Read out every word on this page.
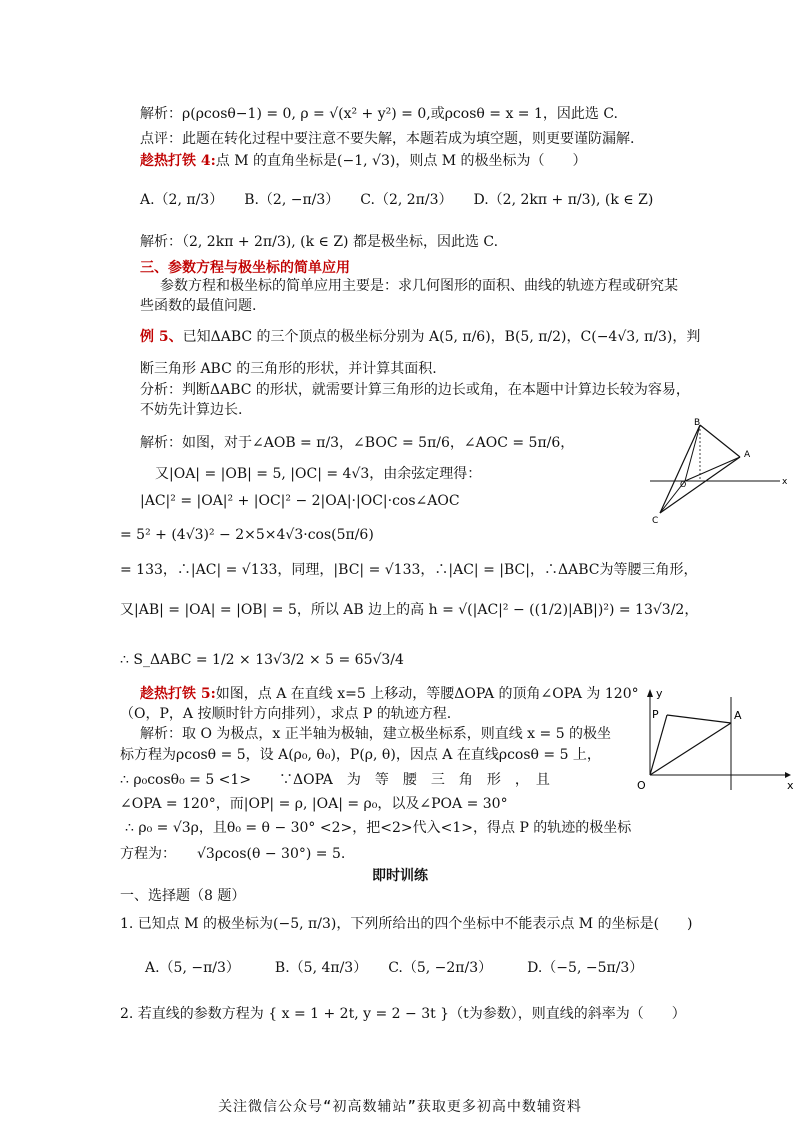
解析：ρ(ρcosθ−1) = 0, ρ = √(x² + y²) = 0,或ρcosθ = x = 1，因此选 C.
点评：此题在转化过程中要注意不要失解，本题若成为填空题，则更要谨防漏解.
趁热打铁 4:点 M 的直角坐标是(−1, √3)，则点 M 的极坐标为（　　）
A.（2, π/3）　　B.（2, −π/3）　　C.（2, 2π/3）　　D.（2, 2kπ + π/3), (k ∈ Z)
解析：（2, 2kπ + 2π/3), (k ∈ Z) 都是极坐标，因此选 C.
三、参数方程与极坐标的简单应用
参数方程和极坐标的简单应用主要是：求几何图形的面积、曲线的轨迹方程或研究某
些函数的最值问题.
例 5、已知ΔABC 的三个顶点的极坐标分别为 A(5, π/6)，B(5, π/2)，C(−4√3, π/3)，判
断三角形 ABC 的三角形的形状，并计算其面积.
分析：判断ΔABC 的形状，就需要计算三角形的边长或角，在本题中计算边长较为容易，
不妨先计算边长.
解析：如图，对于∠AOB = π/3，∠BOC = 5π/6，∠AOC = 5π/6，
又|OA| = |OB| = 5, |OC| = 4√3，由余弦定理得：
|AC|² = |OA|² + |OC|² − 2|OA|·|OC|·cos∠AOC
= 5² + (4√3)² − 2×5×4√3·cos(5π/6)
= 133，∴|AC| = √133，同理，|BC| = √133，∴|AC| = |BC|，∴ΔABC为等腰三角形，
又|AB| = |OA| = |OB| = 5，所以 AB 边上的高 h = √(|AC|² − ((1/2)|AB|)²) = 13√3/2，
∴ S_ΔABC = 1/2 × 13√3/2 × 5 = 65√3/4
趁热打铁 5:如图，点 A 在直线 x=5 上移动，等腰ΔOPA 的顶角∠OPA 为 120°
（O，P，A 按顺时针方向排列），求点 P 的轨迹方程.
解析：取 O 为极点，x 正半轴为极轴，建立极坐标系，则直线 x = 5 的极坐
标方程为ρcosθ = 5，设 A(ρ₀, θ₀)，P(ρ, θ)，因点 A 在直线ρcosθ = 5 上，
∴ ρ₀cosθ₀ = 5 <1>　　∵ΔOPA　为　等　腰　三　角　形　，　且
∠OPA = 120°，而|OP| = ρ, |OA| = ρ₀，以及∠POA = 30°
∴ ρ₀ = √3ρ，且θ₀ = θ − 30° <2>，把<2>代入<1>，得点 P 的轨迹的极坐标
方程为：　　√3ρcos(θ − 30°) = 5.
即时训练
一、选择题（8 题）
1. 已知点 M 的极坐标为(−5, π/3)，下列所给出的四个坐标中不能表示点 M 的坐标是(　　)
A.（5, −π/3）　　　B.（5, 4π/3）　　C.（5, −2π/3）　　　D.（−5, −5π/3）
2. 若直线的参数方程为 { x = 1 + 2t, y = 2 − 3t }（t为参数），则直线的斜率为（　　）
B
A
O
C
x
y
P	A
O	x
关注微信公众号“初高数辅站”获取更多初高中数辅资料
